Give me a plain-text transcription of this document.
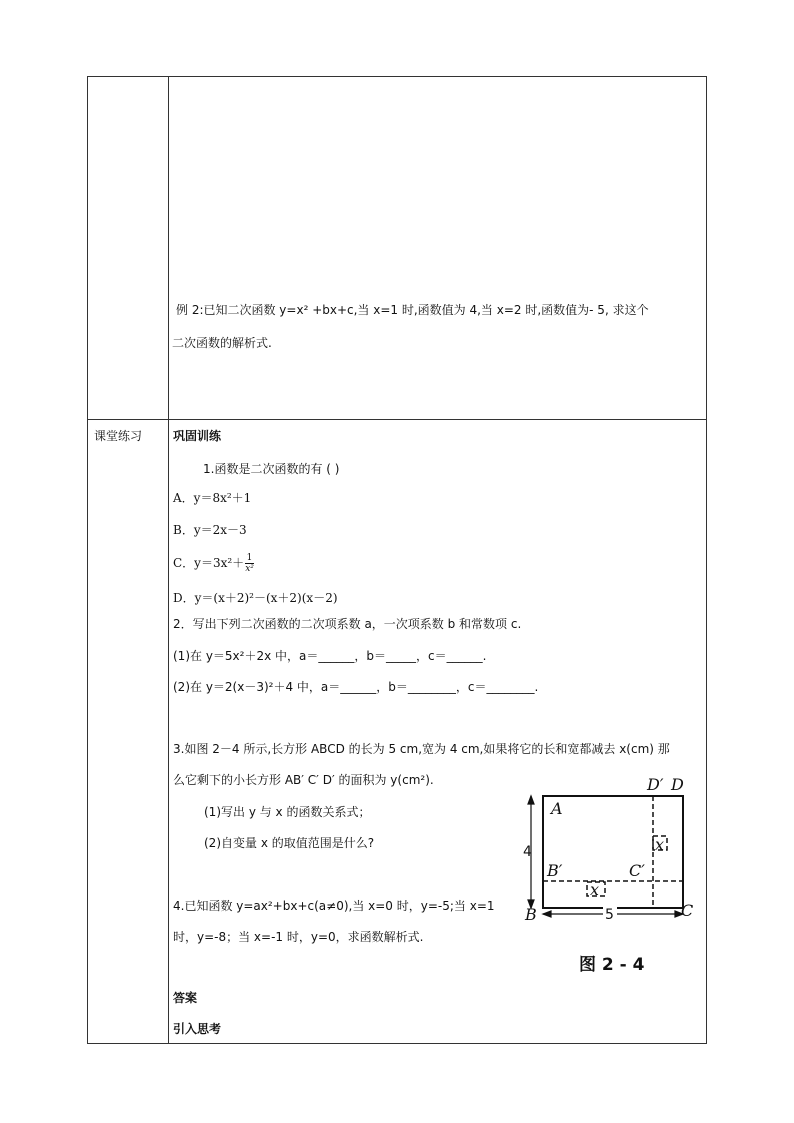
例 2:已知二次函数 y=x² +bx+c,当 x=1 时,函数值为 4,当 x=2 时,函数值为- 5, 求这个
二次函数的解析式.
课堂练习	巩固训练
1.函数是二次函数的有 ( )
A．y＝8x²＋1
B．y＝2x－3
C．$y=3x^2+ \frac{1}{\text{x²}}$
D．y＝(x＋2)²－(x＋2)(x－2)
2．写出下列二次函数的二次项系数 a，一次项系数 b 和常数项 c.
(1)在 y＝5x²＋2x 中，a＝______，b＝_____，c＝______.
(2)在 y＝2(x－3)²＋4 中，a＝______，b＝________，c＝________.
3.如图 2－4 所示,长方形 ABCD 的长为 5 cm,宽为 4 cm,如果将它的长和宽都减去 x(cm) 那
么它剩下的小长方形 AB′ C′ D′ 的面积为 y(cm²).
(1)写出 y 与 x 的函数关系式；
(2)自变量 x 的取值范围是什么?
4.已知函数 y=ax²+bx+c(a≠0),当 x=0 时，y=-5;当 x=1
时，y=-8；当 x=-1 时，y=0，求函数解析式.
答案
引入思考
A
D′ D
B′	C′
x
x
B	C
4
5
图 2 - 4
